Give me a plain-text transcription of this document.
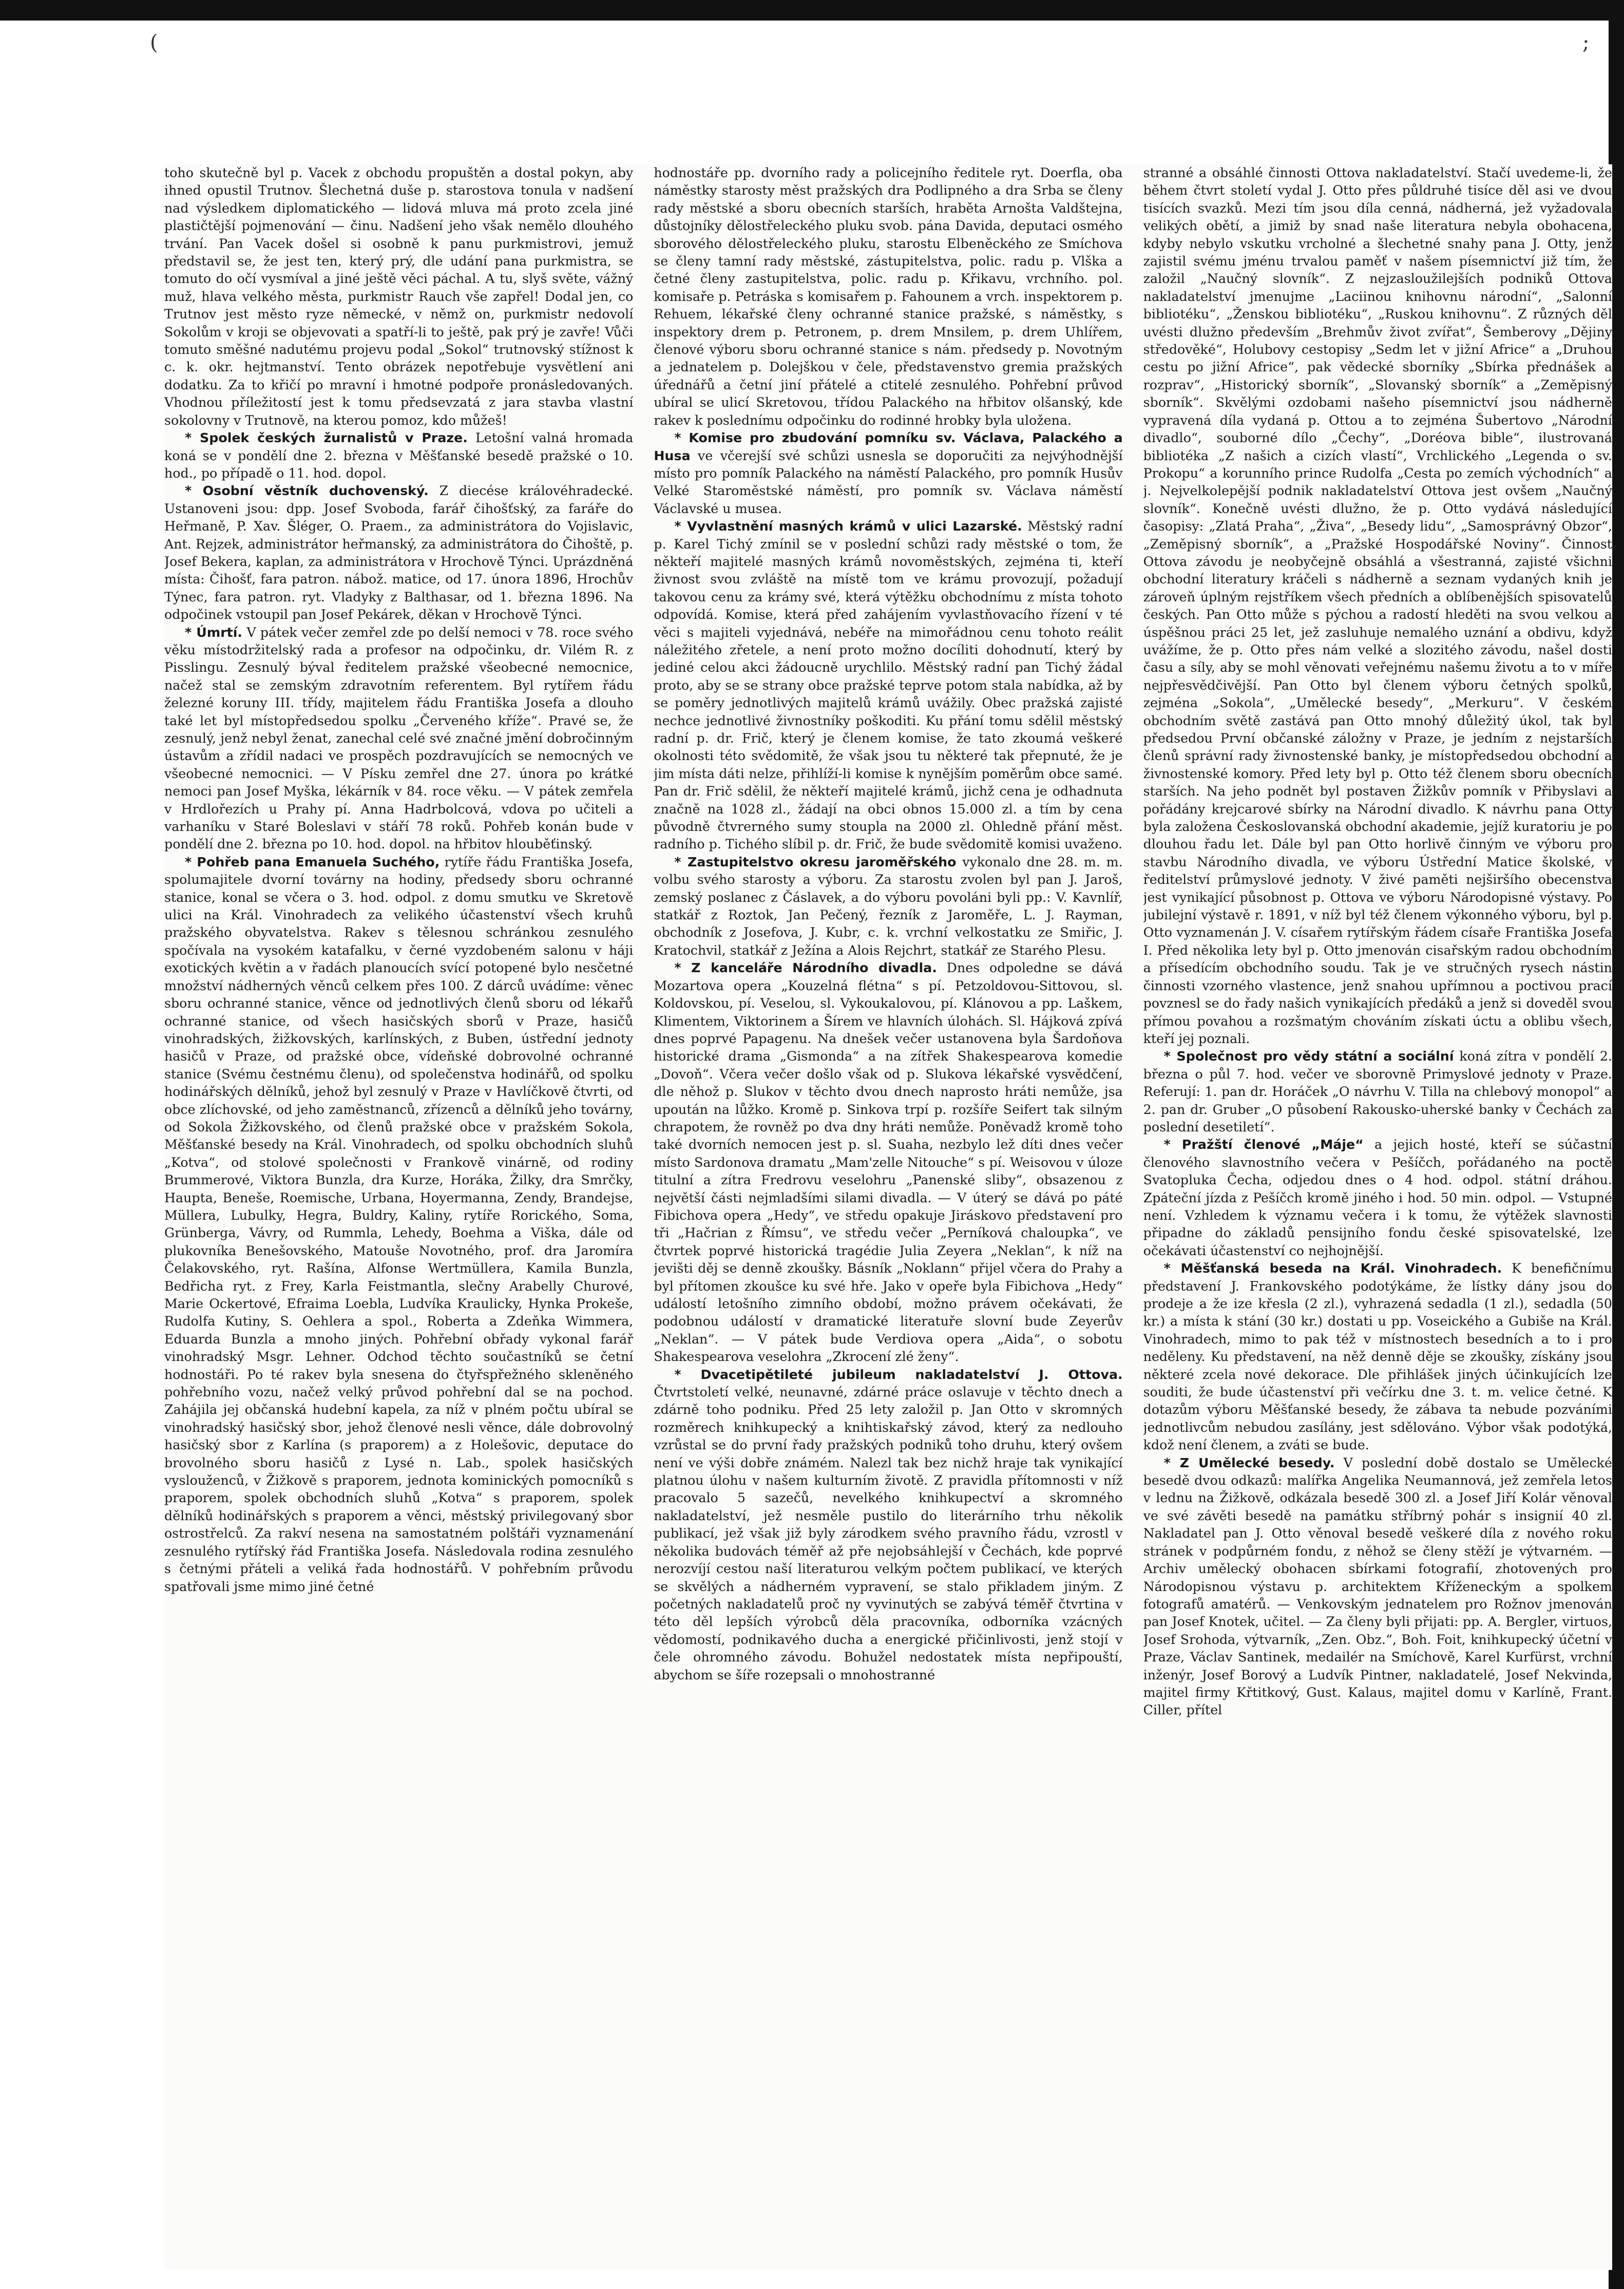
(	;

toho skutečně byl p. Vacek z obchodu propuštěn a dostal pokyn, aby ihned opustil Trutnov. Šlechetná duše p. starostova tonula v nadšení nad výsledkem diplomatického — lidová mluva má proto zcela jiné plastičtější pojmenování — činu. Nadšení jeho však nemělo dlouhého trvání. Pan Vacek došel si osobně k panu purkmistrovi, jemuž představil se, že jest ten, který prý, dle udání pana purkmistra, se tomuto do očí vysmíval a jiné ještě věci páchal. A tu, slyš světe, vážný muž, hlava velkého města, purkmistr Rauch vše zapřel! Dodal jen, co Trutnov jest město ryze německé, v němž on, purkmistr nedovolí Sokolům v kroji se objevovati a spatří-li to ještě, pak prý je zavře! Vůči tomuto směšné nadutému projevu podal „Sokol“ trutnovský stížnost k c. k. okr. hejtmanství. Tento obrázek nepotřebuje vysvětlení ani dodatku. Za to křičí po mravní i hmotné podpoře pronásledovaných. Vhodnou příležitostí jest k tomu předsevzatá z jara stavba vlastní sokolovny v Trutnově, na kterou pomoz, kdo můžeš!

* Spolek českých žurnalistů v Praze. Letošní valná hromada koná se v pondělí dne 2. března v Měšťanské besedě pražské o 10. hod., po případě o 11. hod. dopol.

* Osobní věstník duchovenský. Z diecése královéhradecké. Ustanoveni jsou: dpp. Josef Svoboda, farář čihošťský, za faráře do Heřmaně, P. Xav. Šléger, O. Praem., za administrátora do Vojislavic, Ant. Rejzek, administrátor heřmanský, za administrátora do Čihoště, p. Josef Bekera, kaplan, za administrátora v Hrochově Týnci. Uprázdněná místa: Čihošť, fara patron. nábož. matice, od 17. února 1896, Hrochův Týnec, fara patron. ryt. Vladyky z Balthasar, od 1. března 1896. Na odpočinek vstoupil pan Josef Pekárek, děkan v Hrochově Týnci.

* Úmrtí. V pátek večer zemřel zde po delší nemoci v 78. roce svého věku místodržitelský rada a profesor na odpočinku, dr. Vilém R. z Pisslingu. Zesnulý býval ředitelem pražské všeobecné nemocnice, načež stal se zemským zdravotním referentem. Byl rytířem řádu železné koruny III. třídy, majitelem řádu Františka Josefa a dlouho také let byl místopředsedou spolku „Červeného kříže“. Pravé se, že zesnulý, jenž nebyl ženat, zanechal celé své značné jmění dobročinným ústavům a zřídil nadaci ve prospěch pozdravujících se nemocných ve všeobecné nemocnici. — V Písku zemřel dne 27. února po krátké nemoci pan Josef Myška, lékárník v 84. roce věku. — V pátek zemřela v Hrdlořezích u Prahy pí. Anna Hadrbolcová, vdova po učiteli a varhaníku v Staré Boleslavi v stáří 78 roků. Pohřeb konán bude v pondělí dne 2. března po 10. hod. dopol. na hřbitov hlouběťinský.

* Pohřeb pana Emanuela Suchého, rytíře řádu Františka Josefa, spolumajitele dvorní továrny na hodiny, předsedy sboru ochranné stanice, konal se včera o 3. hod. odpol. z domu smutku ve Skretově ulici na Král. Vinohradech za velikého účastenství všech kruhů pražského obyvatelstva. Rakev s tělesnou schránkou zesnulého spočívala na vysokém katafalku, v černé vyzdobeném salonu v háji exotických květin a v řadách planoucích svící potopené bylo nesčetné množství nádherných věnců celkem přes 100. Z dárců uvádíme: věnec sboru ochranné stanice, věnce od jednotlivých členů sboru od lékařů ochranné stanice, od všech hasičských sborů v Praze, hasičů vinohradských, žižkovských, karlínských, z Buben, ústřední jednoty hasičů v Praze, od pražské obce, vídeňské dobrovolné ochranné stanice (Svému čestnému členu), od společenstva hodinářů, od spolku hodinářských dělníků, jehož byl zesnulý v Praze v Havlíčkově čtvrti, od obce zlíchovské, od jeho zaměstnanců, zřízenců a dělníků jeho továrny, od Sokola Žižkovského, od členů pražské obce v pražském Sokola, Měšťanské besedy na Král. Vinohradech, od spolku obchodních sluhů „Kotva“, od stolové společnosti v Frankově vinárně, od rodiny Brummerové, Viktora Bunzla, dra Kurze, Horáka, Žilky, dra Smrčky, Haupta, Beneše, Roemische, Urbana, Hoyermanna, Zendy, Brandejse, Müllera, Lubulky, Hegra, Buldry, Kaliny, rytíře Rorického, Soma, Grünberga, Vávry, od Rummla, Lehedy, Boehma a Viška, dále od plukovníka Benešovského, Matouše Novotného, prof. dra Jaromíra Čelakovského, ryt. Rašína, Alfonse Wertmüllera, Kamila Bunzla, Bedřicha ryt. z Frey, Karla Feistmantla, slečny Arabelly Churové, Marie Ockertové, Efraima Loebla, Ludvíka Kraulicky, Hynka Prokeše, Rudolfa Kutiny, S. Oehlera a spol., Roberta a Zdeňka Wimmera, Eduarda Bunzla a mnoho jiných. Pohřební obřady vykonal farář vinohradský Msgr. Lehner. Odchod těchto součastníků se četní hodnostáři. Po té rakev byla snesena do čtyřspřežného skleněného pohřebního vozu, načež velký průvod pohřební dal se na pochod. Zahájila jej občanská hudební kapela, za níž v plném počtu ubíral se vinohradský hasičský sbor, jehož členové nesli věnce, dále dobrovolný hasičský sbor z Karlína (s praporem) a z Holešovic, deputace do brovolného sboru hasičů z Lysé n. Lab., spolek hasičských vyslouženců, v Žižkově s praporem, jednota kominických pomocníků s praporem, spolek obchodních sluhů „Kotva“ s praporem, spolek dělníků hodinářských s praporem a věnci, městský privilegovaný sbor ostrostřelců. Za rakví nesena na samostatném polštáři vyznamenání zesnulého rytířský řád Františka Josefa. Následovala rodina zesnulého s četnými přáteli a veliká řada hodnostářů. V pohřebním průvodu spatřovali jsme mimo jiné četné

hodnostáře pp. dvorního rady a policejního ředitele ryt. Doerfla, oba náměstky starosty měst pražských dra Podlipného a dra Srba se členy rady městské a sboru obecních starších, hraběta Arnošta Valdštejna, důstojníky dělostřeleckého pluku svob. pána Davida, deputaci osmého sborového dělostřeleckého pluku, starostu Elbeněckého ze Smíchova se členy tamní rady městské, zástupitelstva, polic. radu p. Vlška a četné členy zastupitelstva, polic. radu p. Křikavu, vrchního. pol. komisaře p. Petráska s komisařem p. Fahounem a vrch. inspektorem p. Rehuem, lékařské členy ochranné stanice pražské, s náměstky, s inspektory drem p. Petronem, p. drem Mnsilem, p. drem Uhlířem, členové výboru sboru ochranné stanice s nám. předsedy p. Novotným a jednatelem p. Dolejškou v čele, představenstvo gremia pražských úřednářů a četní jiní přátelé a ctitelé zesnulého. Pohřební průvod ubíral se ulicí Skretovou, třídou Palackého na hřbitov olšanský, kde rakev k poslednímu odpočinku do rodinné hrobky byla uložena.

* Komise pro zbudování pomníku sv. Václava, Palackého a Husa ve včerejší své schůzi usnesla se doporučiti za nejvýhodnější místo pro pomník Palackého na náměstí Palackého, pro pomník Husův Velké Staroměstské náměstí, pro pomník sv. Václava náměstí Václavské u musea.

* Vyvlastnění masných krámů v ulici Lazarské. Městský radní p. Karel Tichý zmínil se v poslední schůzi rady městské o tom, že někteří majitelé masných krámů novoměstských, zejména ti, kteří živnost svou zvláště na místě tom ve krámu provozují, požadují takovou cenu za krámy své, která výtěžku obchodnímu z místa tohoto odpovídá. Komise, která před zahájením vyvlastňovacího řízení v té věci s majiteli vyjednává, nebéře na mimořádnou cenu tohoto reálit náležitého zřetele, a není proto možno docíliti dohodnutí, který by jediné celou akci žádoucně urychlilo. Městský radní pan Tichý žádal proto, aby se se strany obce pražské teprve potom stala nabídka, až by se poměry jednotlivých majitelů krámů uvážily. Obec pražská zajisté nechce jednotlivé živnostníky poškoditi. Ku přání tomu sdělil městský radní p. dr. Frič, který je členem komise, že tato zkoumá veškeré okolnosti této svědomitě, že však jsou tu některé tak přepnuté, že je jim místa dáti nelze, přihlíží-li komise k nynějším poměrům obce samé. Pan dr. Frič sdělil, že někteří majitelé krámů, jichž cena je odhadnuta značně na 1028 zl., žádají na obci obnos 15.000 zl. a tím by cena původně čtvrerného sumy stoupla na 2000 zl. Ohledně přání měst. radního p. Tichého slíbil p. dr. Frič, že bude svědomitě komisi uvaženo.

* Zastupitelstvo okresu jaroměřského vykonalo dne 28. m. m. volbu svého starosty a výboru. Za starostu zvolen byl pan J. Jaroš, zemský poslanec z Čáslavek, a do výboru povoláni byli pp.: V. Kavnlíř, statkář z Roztok, Jan Pečený, řezník z Jaroměře, L. J. Rayman, obchodník z Josefova, J. Kubr, c. k. vrchní velkostatku ze Smiřic, J. Kratochvil, statkář z Ježína a Alois Rejchrt, statkář ze Starého Plesu.

* Z kanceláře Národního divadla. Dnes odpoledne se dává Mozartova opera „Kouzelná flétna“ s pí. Petzoldovou-Sittovou, sl. Koldovskou, pí. Veselou, sl. Vykoukalovou, pí. Klánovou a pp. Laškem, Klimentem, Viktorinem a Šírem ve hlavních úlohách. Sl. Hájková zpívá dnes poprvé Papagenu. Na dnešek večer ustanovena byla Šardoňova historické drama „Gismonda“ a na zítřek Shakespearova komedie „Dovoň“. Včera večer došlo však od p. Slukova lékařské vysvědčení, dle něhož p. Slukov v těchto dvou dnech naprosto hráti nemůže, jsa upoután na lůžko. Kromě p. Sinkova trpí p. rozšíře Seifert tak silným chrapotem, že rovněž po dva dny hráti nemůže. Poněvadž kromě toho také dvorních nemocen jest p. sl. Suaha, nezbylo lež díti dnes večer místo Sardonova dramatu „Mam'zelle Nitouche“ s pí. Weisovou v úloze titulní a zítra Fredrovu veselohru „Panenské sliby“, obsazenou z největší části nejmladšími silami divadla. — V úterý se dává po páté Fibichova opera „Hedy“, ve středu opakuje Jiráskovo představení pro tři „Hačrian z Římsu“, ve středu večer „Perníková chaloupka“, ve čtvrtek poprvé historická tragédie Julia Zeyera „Neklan“, k níž na jevišti děj se denně zkoušky. Básník „Noklann“ přijel včera do Prahy a byl přítomen zkoušce ku své hře. Jako v opeře byla Fibichova „Hedy“ událostí letošního zimního období, možno právem očekávati, že podobnou událostí v dramatické literatuře slovní bude Zeyerův „Neklan“. — V pátek bude Verdiova opera „Aida“, o sobotu Shakespearova veselohra „Zkrocení zlé ženy“.

* Dvacetipětileté jubileum nakladatelství J. Ottova. Čtvrtstoletí velké, neunavné, zdárné práce oslavuje v těchto dnech a zdárně toho podniku. Před 25 lety založil p. Jan Otto v skromných rozměrech knihkupecký a knihtiskařský závod, který za nedlouho vzrůstal se do první řady pražských podniků toho druhu, který ovšem není ve výši dobře známém. Nalezl tak bez nichž hraje tak vynikající platnou úlohu v našem kulturním životě. Z pravidla přítomnosti v níž pracovalo 5 sazečů, nevelkého knihkupectví a skromného nakladatelství, jež nesměle pustilo do literárního trhu několik publikací, jež však již byly zárodkem svého pravního řádu, vzrostl v několika budovách téměř až pře nejobsáhlejší v Čechách, kde poprvé nerozvíjí cestou naší literaturou velkým počtem publikací, ve kterých se skvělých a nádherném vypravení, se stalo přikladem jiným. Z početných nakladatelů proč ny vyvinutých se zabývá téměř čtvrtina v této děl lepších výrobců děla pracovníka, odborníka vzácných vědomostí, podnikavého ducha a energické přičinlivosti, jenž stojí v čele ohromného závodu. Bohužel nedostatek místa nepřipouští, abychom se šíře rozepsali o mnohostranné

stranné a obsáhlé činnosti Ottova nakladatelství. Stačí uvedeme-li, že během čtvrt století vydal J. Otto přes půldruhé tisíce děl asi ve dvou tisících svazků. Mezi tím jsou díla cenná, nádherná, jež vyžadovala velikých obětí, a jimiž by snad naše literatura nebyla obohacena, kdyby nebylo vskutku vrcholné a šlechetné snahy pana J. Otty, jenž zajistil svému jménu trvalou paměť v našem písemnictví již tím, že založil „Naučný slovník“. Z nejzasloužilejších podniků Ottova nakladatelství jmenujme „Laciinou knihovnu národní“, „Salonní bibliotéku“, „Ženskou bibliotéku“, „Ruskou knihovnu“. Z různých děl uvésti dlužno především „Brehmův život zvířat“, Šemberovy „Dějiny středověké“, Holubovy cestopisy „Sedm let v jižní Africe“ a „Druhou cestu po jižní Africe“, pak vědecké sborníky „Sbírka přednášek a rozprav“, „Historický sborník“, „Slovanský sborník“ a „Zeměpisný sborník“. Skvělými ozdobami našeho písemnictví jsou nádherně vypravená díla vydaná p. Ottou a to zejména Šubertovo „Národní divadlo“, souborné dílo „Čechy“, „Doréova bible“, ilustrovaná bibliotéka „Z našich a cizích vlastí“, Vrchlického „Legenda o sv. Prokopu“ a korunního prince Rudolfa „Cesta po zemích východních“ a j. Nejvelkolepější podnik nakladatelství Ottova jest ovšem „Naučný slovník“. Konečně uvésti dlužno, že p. Otto vydává následující časopisy: „Zlatá Praha“, „Živa“, „Besedy lidu“, „Samosprávný Obzor“, „Zeměpisný sborník“, a „Pražské Hospodářské Noviny“. Činnost Ottova závodu je neobyčejně obsáhlá a všestranná, zajisté všichni obchodní literatury kráčeli s nádherně a seznam vydaných knih je zároveň úplným rejstříkem všech předních a oblíbenějších spisovatelů českých. Pan Otto může s pýchou a radostí hleděti na svou velkou a úspěšnou práci 25 let, jež zasluhuje nemalého uznání a obdivu, když uvážíme, že p. Otto přes nám velké a slozitého závodu, našel dosti času a síly, aby se mohl věnovati veřejnému našemu životu a to v míře nejpřesvědčivější. Pan Otto byl členem výboru četných spolků, zejména „Sokola“, „Umělecké besedy“, „Merkuru“. V českém obchodním světě zastává pan Otto mnohý důležitý úkol, tak byl předsedou První občanské záložny v Praze, je jedním z nejstarších členů správní rady živnostenské banky, je místopředsedou obchodní a živnostenské komory. Před lety byl p. Otto též členem sboru obecních starších. Na jeho podnět byl postaven Žižkův pomník v Přibyslavi a pořádány krejcarové sbírky na Národní divadlo. K návrhu pana Otty byla založena Českoslovanská obchodní akademie, jejíž kuratoriu je po dlouhou řadu let. Dále byl pan Otto horlivě činným ve výboru pro stavbu Národního divadla, ve výboru Ústřední Matice školské, v ředitelství průmyslové jednoty. V živé paměti nejširšího obecenstva jest vynikající působnost p. Ottova ve výboru Národopisné výstavy. Po jubilejní výstavě r. 1891, v níž byl též členem výkonného výboru, byl p. Otto vyznamenán J. V. císařem rytířským řádem císaře Františka Josefa I. Před několika lety byl p. Otto jmenován cisařským radou obchodním a přísedícím obchodního soudu. Tak je ve stručných rysech nástin činnosti vzorného vlastence, jenž snahou upřímnou a poctivou prací povznesl se do řady našich vynikajících předáků a jenž si doveděl svou přímou povahou a rozšmatým chováním získati úctu a oblibu všech, kteří jej poznali.

* Společnost pro vědy státní a sociální koná zítra v pondělí 2. března o půl 7. hod. večer ve sborovně Primyslové jednoty v Praze. Referují: 1. pan dr. Horáček „O návrhu V. Tilla na chlebový monopol“ a 2. pan dr. Gruber „O působení Rakousko-uherské banky v Čechách za poslední desetiletí“.

* Pražští členové „Máje“ a jejich hosté, kteří se súčastní členového slavnostního večera v Pešíčch, pořádaného na poctě Svatopluka Čecha, odjedou dnes o 4 hod. odpol. státní dráhou. Zpáteční jízda z Pešíčch kromě jiného i hod. 50 min. odpol. — Vstupné není. Vzhledem k významu večera i k tomu, že výtěžek slavnosti připadne do základů pensijního fondu české spisovatelské, lze očekávati účastenství co nejhojnější.

* Měšťanská beseda na Král. Vinohradech. K benefičnímu představení J. Frankovského podotýkáme, že lístky dány jsou do prodeje a že ize křesla (2 zl.), vyhrazená sedadla (1 zl.), sedadla (50 kr.) a místa k stání (30 kr.) dostati u pp. Voseického a Gubiše na Král. Vinohradech, mimo to pak též v místnostech besedních a to i pro neděleny. Ku představení, na něž denně děje se zkoušky, získány jsou některé zcela nové dekorace. Dle přihlášek jiných účinkujících lze souditi, že bude účastenství při večírku dne 3. t. m. velice četné. K dotazům výboru Měšťanské besedy, že zábava ta nebude pozváními jednotlivcům nebudou zasílány, jest sdělováno. Výbor však podotýká, kdož není členem, a zváti se bude.

* Z Umělecké besedy. V poslední době dostalo se Umělecké besedě dvou odkazů: malířka Angelika Neumannová, jež zemřela letos v lednu na Žižkově, odkázala besedě 300 zl. a Josef Jiří Kolár věnoval ve své závěti besedě na památku stříbrný pohár s insignií 40 zl. Nakladatel pan J. Otto věnoval besedě veškeré díla z nového roku stránek v podpůrném fondu, z něhož se členy stěží je výtvarném. — Archiv umělecký obohacen sbírkami fotografií, zhotovených pro Národopisnou výstavu p. architektem Kříženeckým a spolkem fotografů amatérů. — Venkovským jednatelem pro Rožnov jmenován pan Josef Knotek, učitel. — Za členy byli přijati: pp. A. Bergler, virtuos, Josef Srohoda, výtvarník, „Zen. Obz.“, Boh. Foit, knihkupecký účetní v Praze, Václav Santinek, medailér na Smíchově, Karel Kurfürst, vrchní inženýr, Josef Borový a Ludvík Pintner, nakladatelé, Josef Nekvinda, majitel firmy Křtitkový, Gust. Kalaus, majitel domu v Karlíně, Frant. Ciller, přítel
